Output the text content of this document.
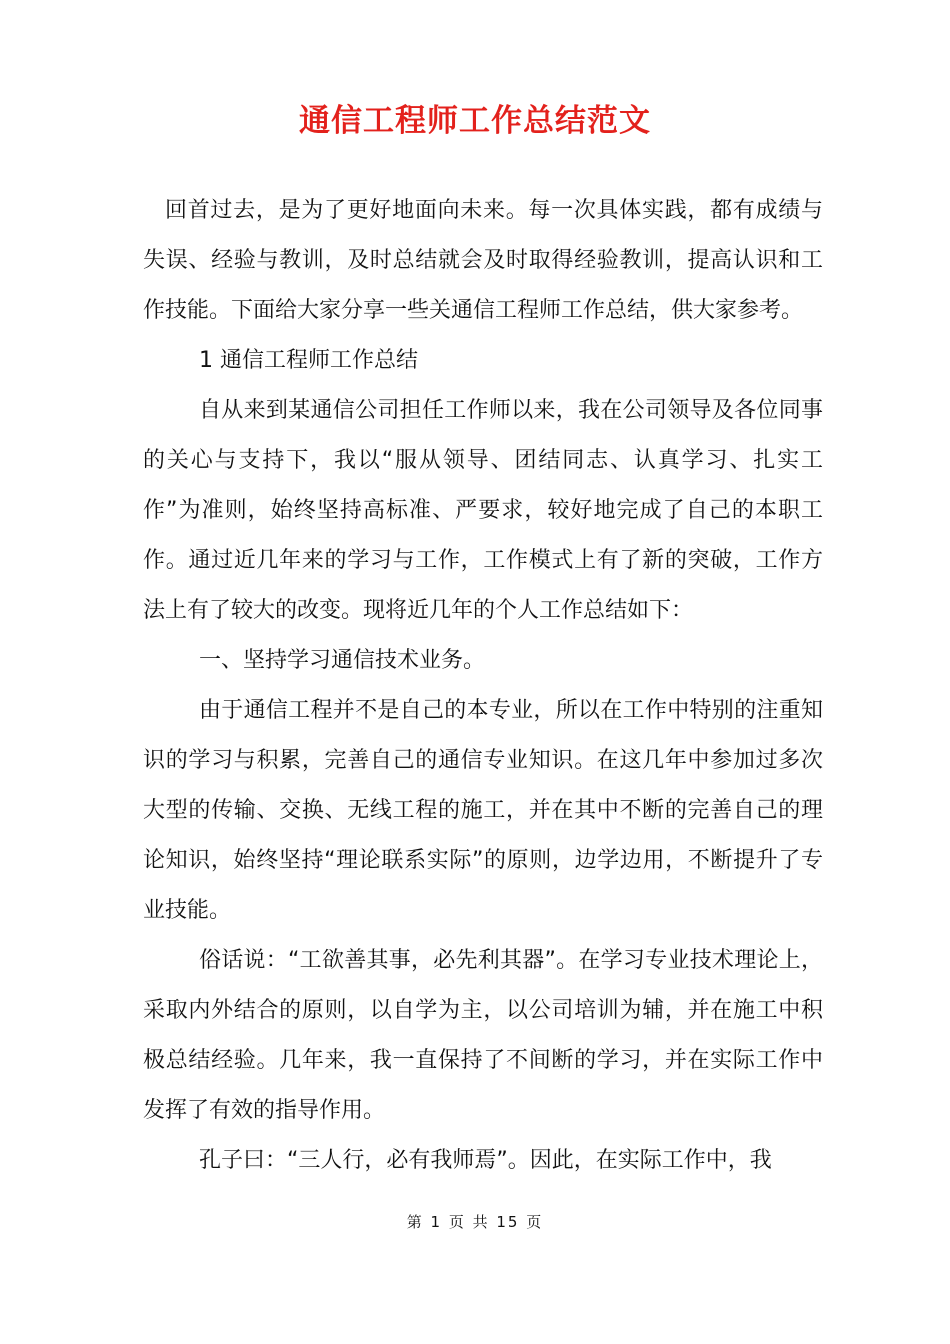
通信工程师工作总结范文

回首过去，是为了更好地面向未来。每一次具体实践，都有成绩与失误、经验与教训，及时总结就会及时取得经验教训，提高认识和工作技能。下面给大家分享一些关通信工程师工作总结，供大家参考。

1 通信工程师工作总结

自从来到某通信公司担任工作师以来，我在公司领导及各位同事的关心与支持下，我以“服从领导、团结同志、认真学习、扎实工作”为准则，始终坚持高标准、严要求，较好地完成了自己的本职工作。通过近几年来的学习与工作，工作模式上有了新的突破，工作方法上有了较大的改变。现将近几年的个人工作总结如下：

一、坚持学习通信技术业务。

由于通信工程并不是自己的本专业，所以在工作中特别的注重知识的学习与积累，完善自己的通信专业知识。在这几年中参加过多次大型的传输、交换、无线工程的施工，并在其中不断的完善自己的理论知识，始终坚持“理论联系实际”的原则，边学边用，不断提升了专业技能。

俗话说：“工欲善其事，必先利其器”。在学习专业技术理论上，采取内外结合的原则，以自学为主，以公司培训为辅，并在施工中积极总结经验。几年来，我一直保持了不间断的学习，并在实际工作中发挥了有效的指导作用。

孔子曰：“三人行，必有我师焉”。因此，在实际工作中，我

第 1 页 共 15 页
